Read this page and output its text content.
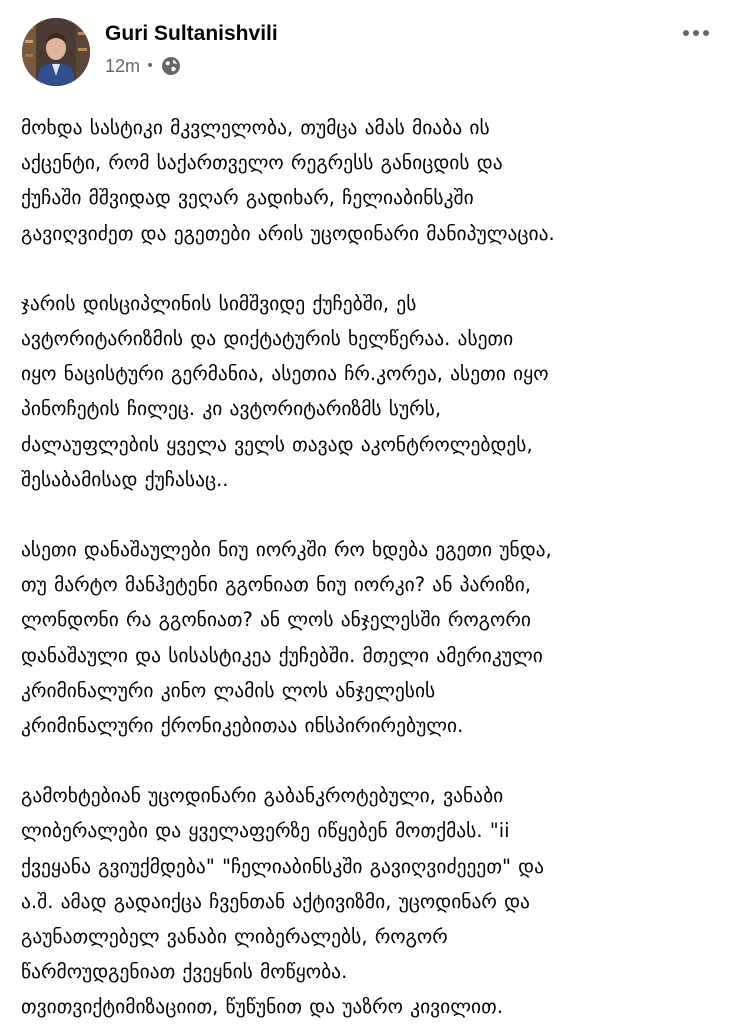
Guri Sultanishvili
12m •
მოხდა სასტიკი მკვლელობა, თუმცა ამას მიაბა ის
აქცენტი, რომ საქართველო რეგრესს განიცდის და
ქუჩაში მშვიდად ვეღარ გადიხარ, ჩელიაბინსკში
გავიღვიძეთ და ეგეთები არის უცოდინარი მანიპულაცია.
ჯარის დისციპლინის სიმშვიდე ქუჩებში, ეს
ავტორიტარიზმის და დიქტატურის ხელწერაა. ასეთი
იყო ნაცისტური გერმანია, ასეთია ჩრ.კორეა, ასეთი იყო
პინოჩეტის ჩილეც. კი ავტორიტარიზმს სურს,
ძალაუფლების ყველა ველს თავად აკონტროლებდეს,
შესაბამისად ქუჩასაც..
ასეთი დანაშაულები ნიუ იორკში რო ხდება ეგეთი უნდა,
თუ მარტო მანჰეტენი გგონიათ ნიუ იორკი? ან პარიზი,
ლონდონი რა გგონიათ? ან ლოს ანჯელესში როგორი
დანაშაული და სისასტიკეა ქუჩებში. მთელი ამერიკული
კრიმინალური კინო ლამის ლოს ანჯელესის
კრიმინალური ქრონიკებითაა ინსპირირებული.
გამოხტებიან უცოდინარი გაბანკროტებული, ვანაბი
ლიბერალები და ყველაფერზე იწყებენ მოთქმას. "ii
ქვეყანა გვიუქმდება" "ჩელიაბინსკში გავიღვიძეეეთ" და
ა.შ. ამად გადაიქცა ჩვენთან აქტივიზმი, უცოდინარ და
გაუნათლებელ ვანაბი ლიბერალებს, როგორ
წარმოუდგენიათ ქვეყნის მოწყობა.
თვითვიქტიმიზაციით, წუწუნით და უაზრო კივილით.
